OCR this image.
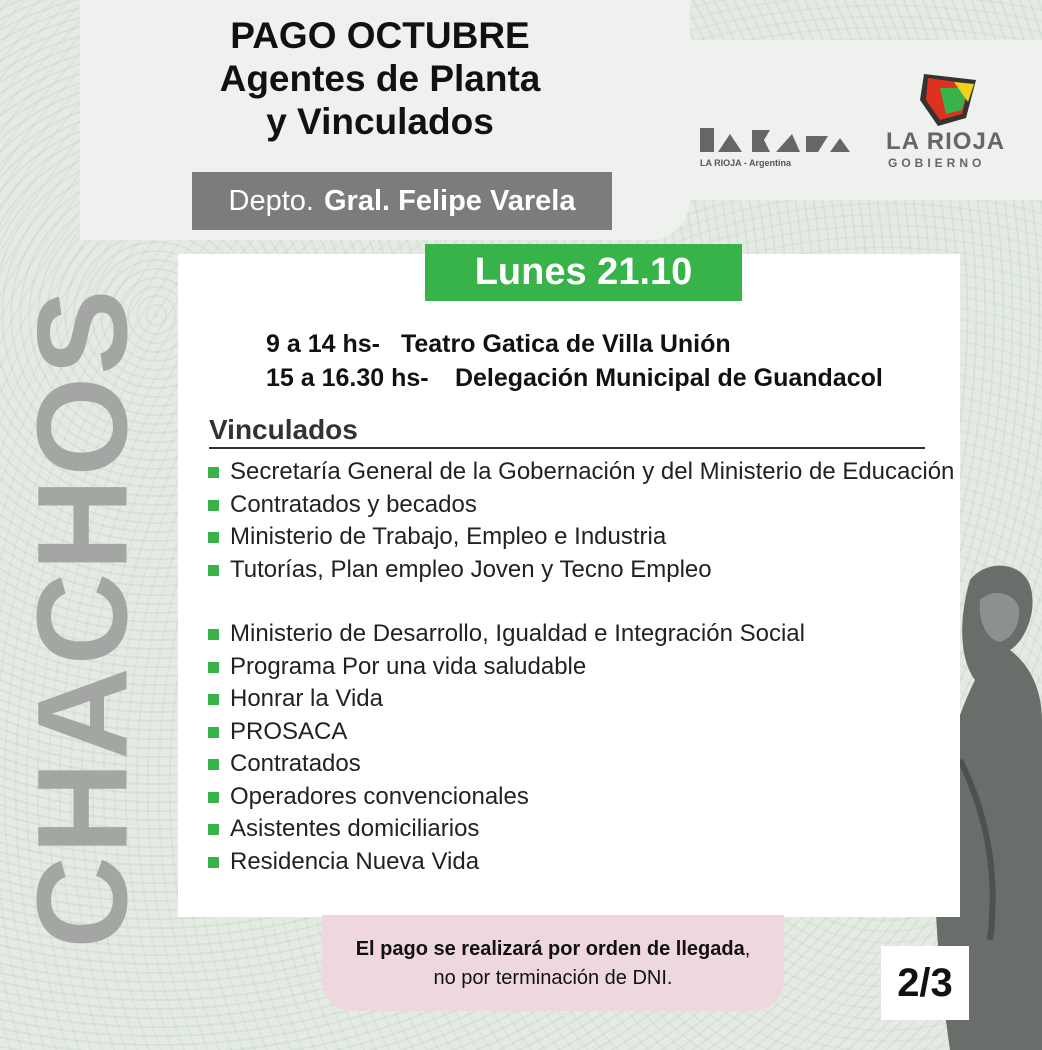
CHACHOS
PAGO OCTUBRE
Agentes de Planta
y Vinculados
Depto. Gral. Felipe Varela
LA RIOJA - Argentina
LA RIOJA
GOBIERNO
Lunes 21.10
9 a 14 hs- Teatro Gatica de Villa Unión
15 a 16.30 hs- Delegación Municipal de Guandacol
Vinculados
Secretaría General de la Gobernación y del Ministerio de Educación
Contratados y becados
Ministerio de Trabajo, Empleo e Industria
Tutorías, Plan empleo Joven y Tecno Empleo
Ministerio de Desarrollo, Igualdad e Integración Social
Programa Por una vida saludable
Honrar la Vida
PROSACA
Contratados
Operadores convencionales
Asistentes domiciliarios
Residencia Nueva Vida
El pago se realizará por orden de llegada,
no por terminación de DNI.	2/3
